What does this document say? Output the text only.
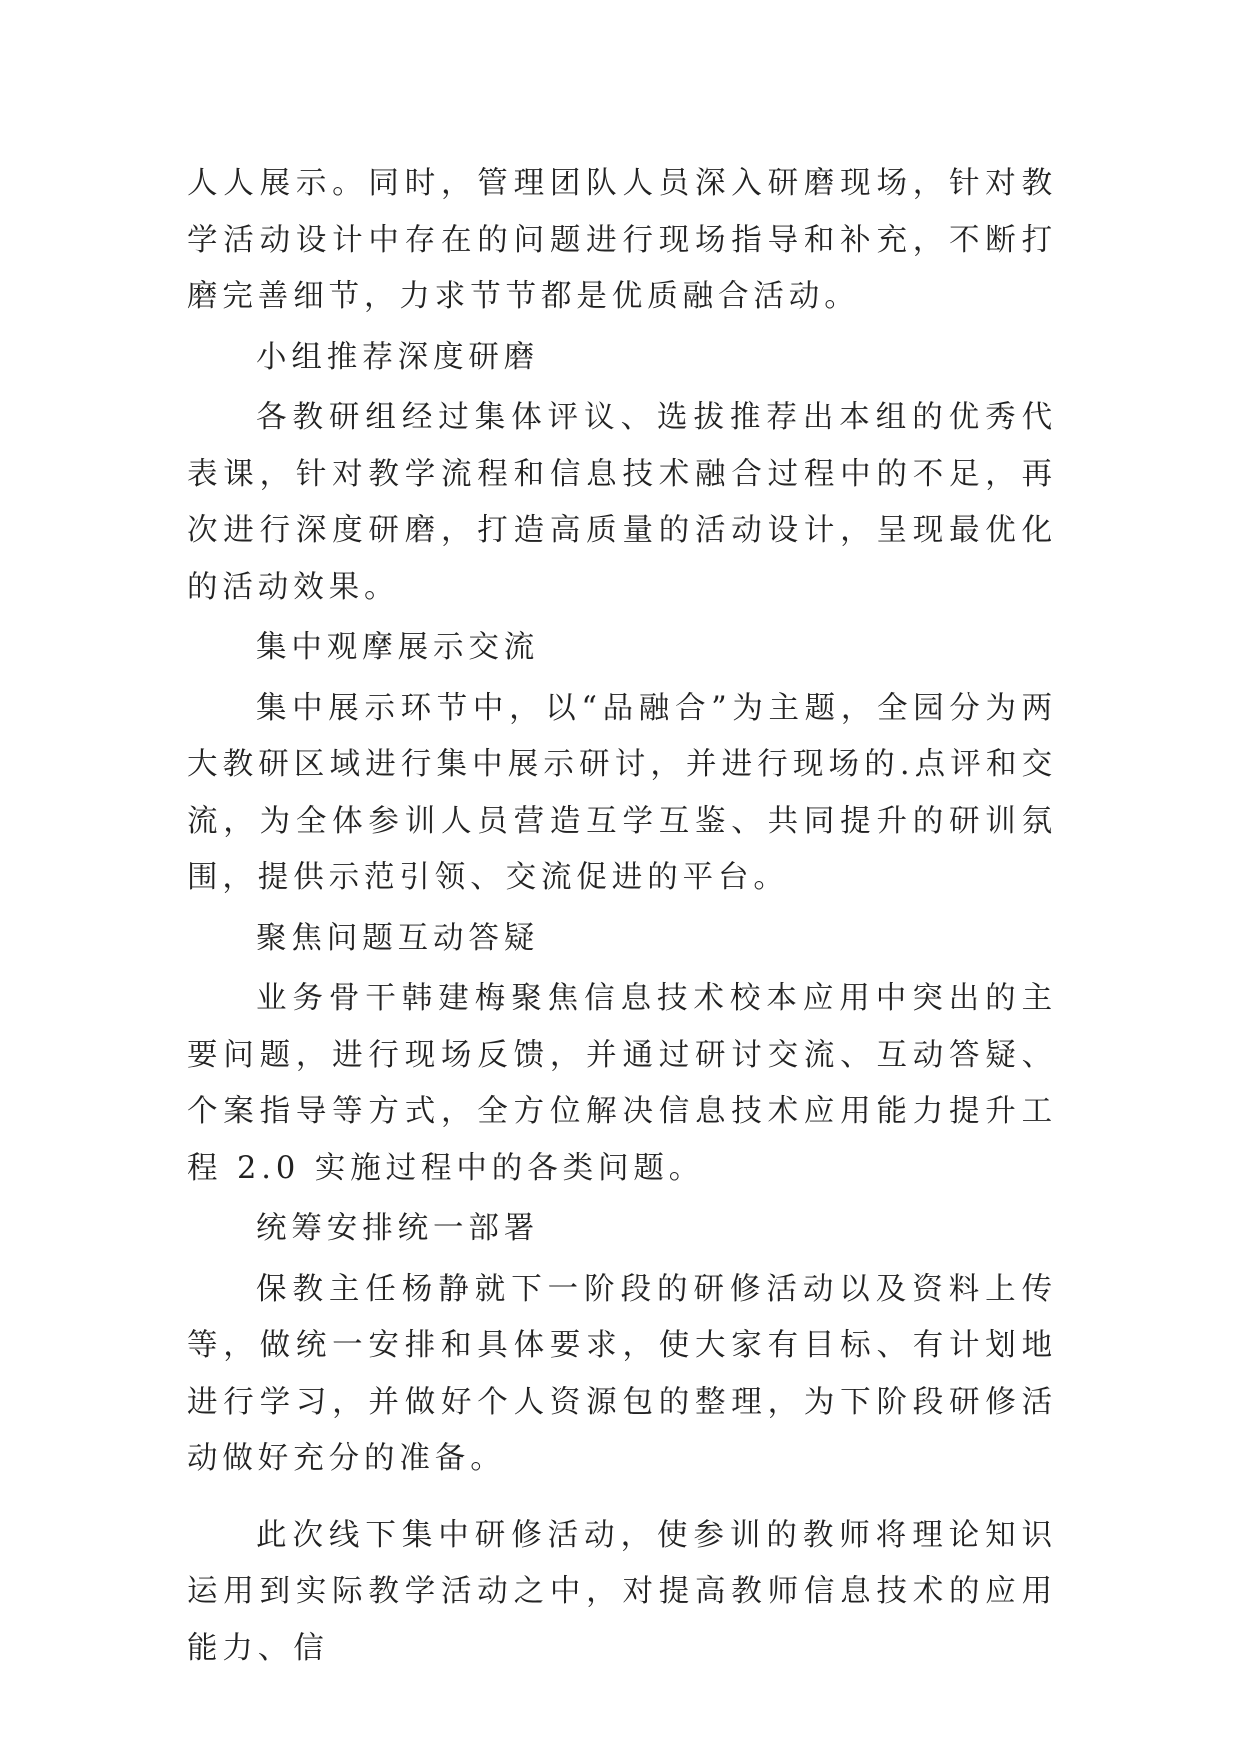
人人展示。同时，管理团队人员深入研磨现场，针对教学活动设计中存在的问题进行现场指导和补充，不断打磨完善细节，力求节节都是优质融合活动。

小组推荐深度研磨

各教研组经过集体评议、选拔推荐出本组的优秀代表课，针对教学流程和信息技术融合过程中的不足，再次进行深度研磨，打造高质量的活动设计，呈现最优化的活动效果。

集中观摩展示交流

集中展示环节中，以“品融合”为主题，全园分为两大教研区域进行集中展示研讨，并进行现场的.点评和交流，为全体参训人员营造互学互鉴、共同提升的研训氛围，提供示范引领、交流促进的平台。

聚焦问题互动答疑

业务骨干韩建梅聚焦信息技术校本应用中突出的主要问题，进行现场反馈，并通过研讨交流、互动答疑、个案指导等方式，全方位解决信息技术应用能力提升工程 2.0 实施过程中的各类问题。

统筹安排统一部署

保教主任杨静就下一阶段的研修活动以及资料上传等，做统一安排和具体要求，使大家有目标、有计划地进行学习，并做好个人资源包的整理，为下阶段研修活动做好充分的准备。

此次线下集中研修活动，使参训的教师将理论知识运用到实际教学活动之中，对提高教师信息技术的应用能力、信
